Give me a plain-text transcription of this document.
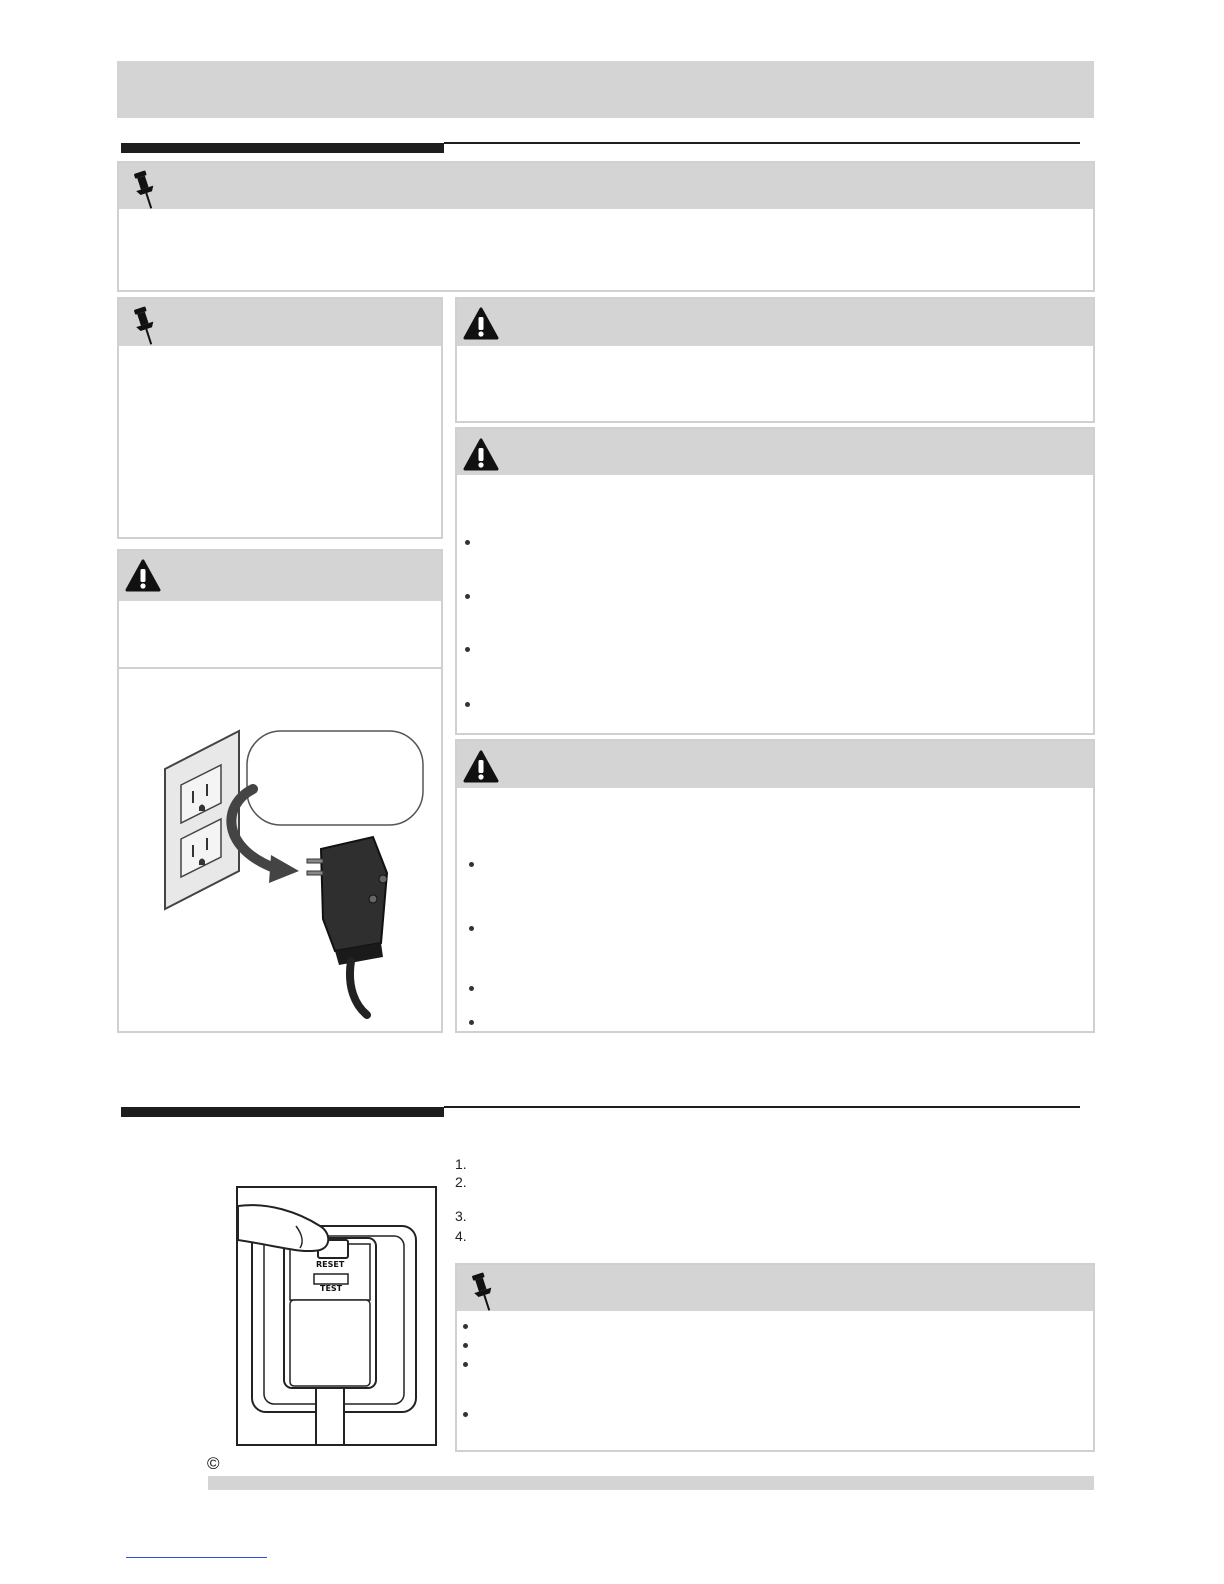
RESET
TEST
1.
2.
3.
4.
©
